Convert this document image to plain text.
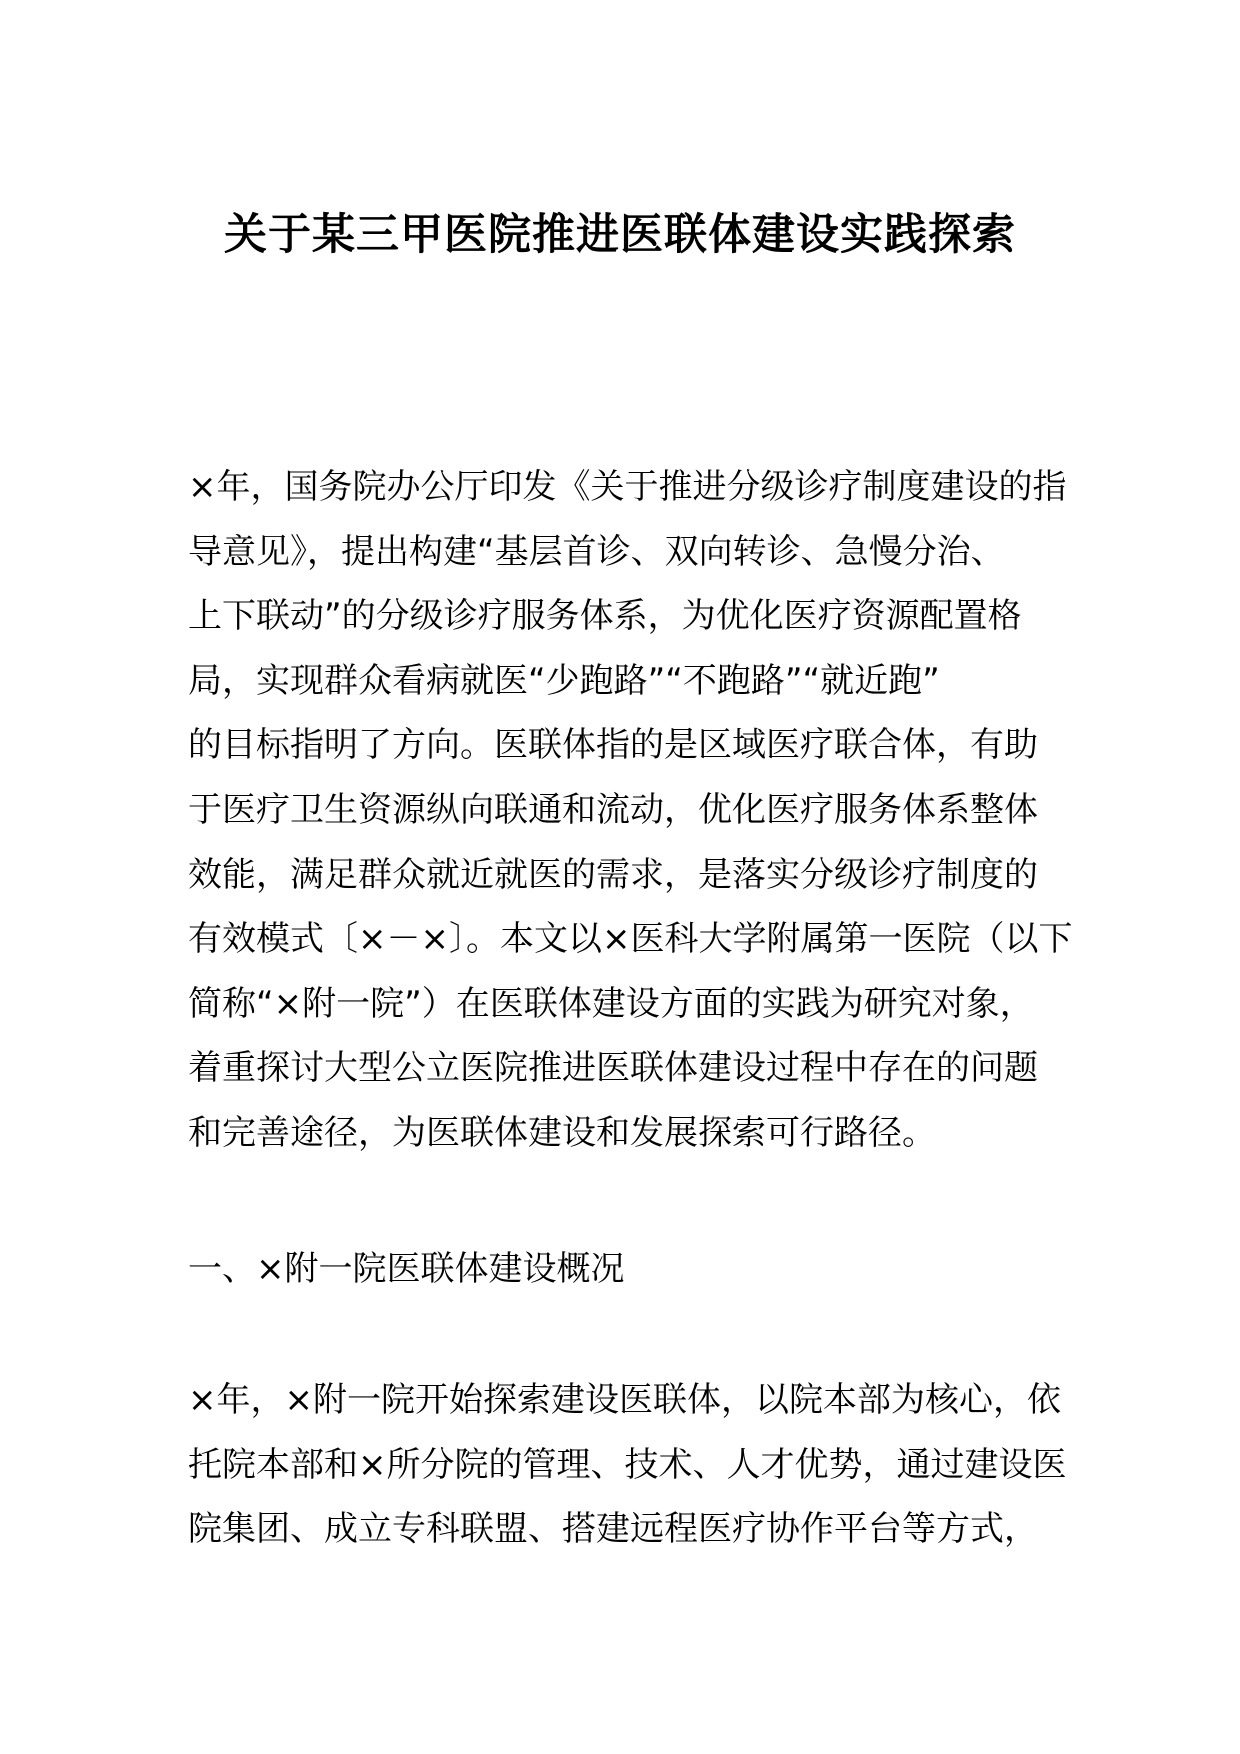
关于某三甲医院推进医联体建设实践探索
×年，国务院办公厅印发《关于推进分级诊疗制度建设的指
导意见》，提出构建“基层首诊、双向转诊、急慢分治、
上下联动”的分级诊疗服务体系，为优化医疗资源配置格
局，实现群众看病就医“少跑路”“不跑路”“就近跑”
的目标指明了方向。医联体指的是区域医疗联合体，有助
于医疗卫生资源纵向联通和流动，优化医疗服务体系整体
效能，满足群众就近就医的需求，是落实分级诊疗制度的
有效模式〔×－×〕。本文以×医科大学附属第一医院（以下
简称“×附一院”）在医联体建设方面的实践为研究对象，
着重探讨大型公立医院推进医联体建设过程中存在的问题
和完善途径，为医联体建设和发展探索可行路径。
一、×附一院医联体建设概况
×年，×附一院开始探索建设医联体，以院本部为核心，依
托院本部和×所分院的管理、技术、人才优势，通过建设医
院集团、成立专科联盟、搭建远程医疗协作平台等方式，
